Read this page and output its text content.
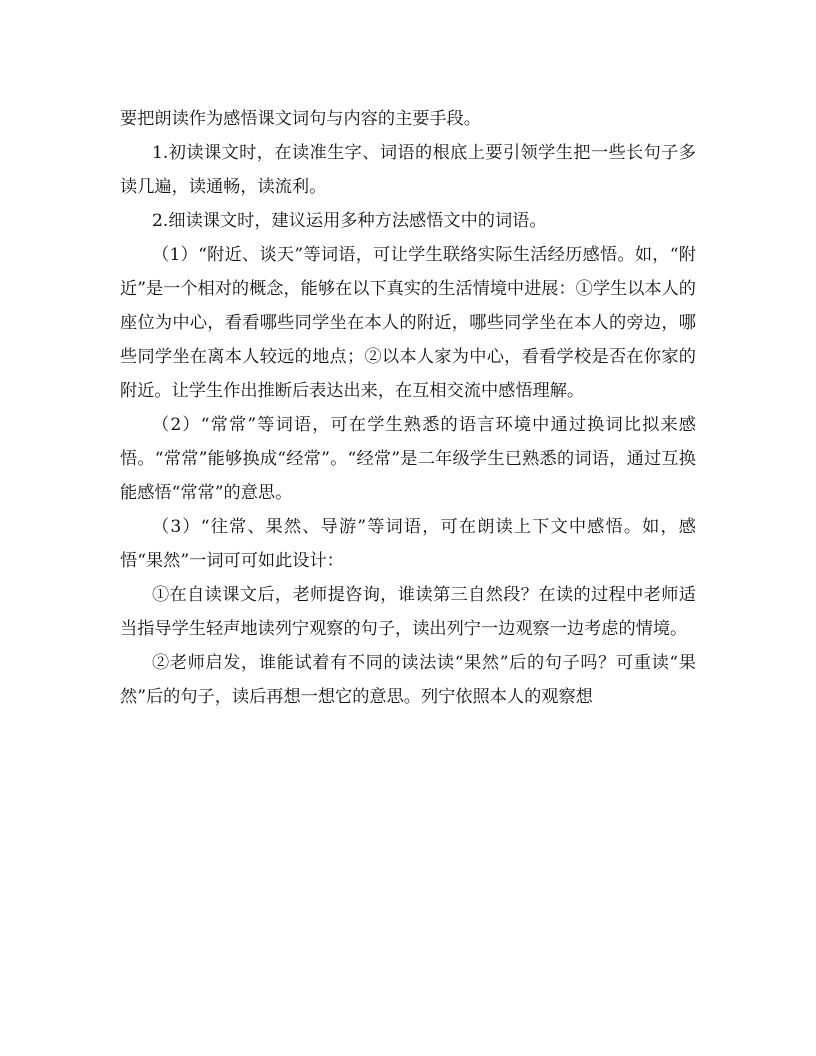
要把朗读作为感悟课文词句与内容的主要手段。

1.初读课文时，在读准生字、词语的根底上要引领学生把一些长句子多读几遍，读通畅，读流利。

2.细读课文时，建议运用多种方法感悟文中的词语。

（1）“附近、谈天”等词语，可让学生联络实际生活经历感悟。如，“附近”是一个相对的概念，能够在以下真实的生活情境中进展：①学生以本人的座位为中心，看看哪些同学坐在本人的附近，哪些同学坐在本人的旁边，哪些同学坐在离本人较远的地点；②以本人家为中心，看看学校是否在你家的附近。让学生作出推断后表达出来，在互相交流中感悟理解。

（2）“常常”等词语，可在学生熟悉的语言环境中通过换词比拟来感悟。“常常”能够换成“经常”。“经常”是二年级学生已熟悉的词语，通过互换能感悟“常常”的意思。

（3）“往常、果然、导游”等词语，可在朗读上下文中感悟。如，感悟“果然”一词可可如此设计：

①在自读课文后，老师提咨询，谁读第三自然段？在读的过程中老师适当指导学生轻声地读列宁观察的句子，读出列宁一边观察一边考虑的情境。

②老师启发，谁能试着有不同的读法读“果然”后的句子吗？可重读“果然”后的句子，读后再想一想它的意思。列宁依照本人的观察想
